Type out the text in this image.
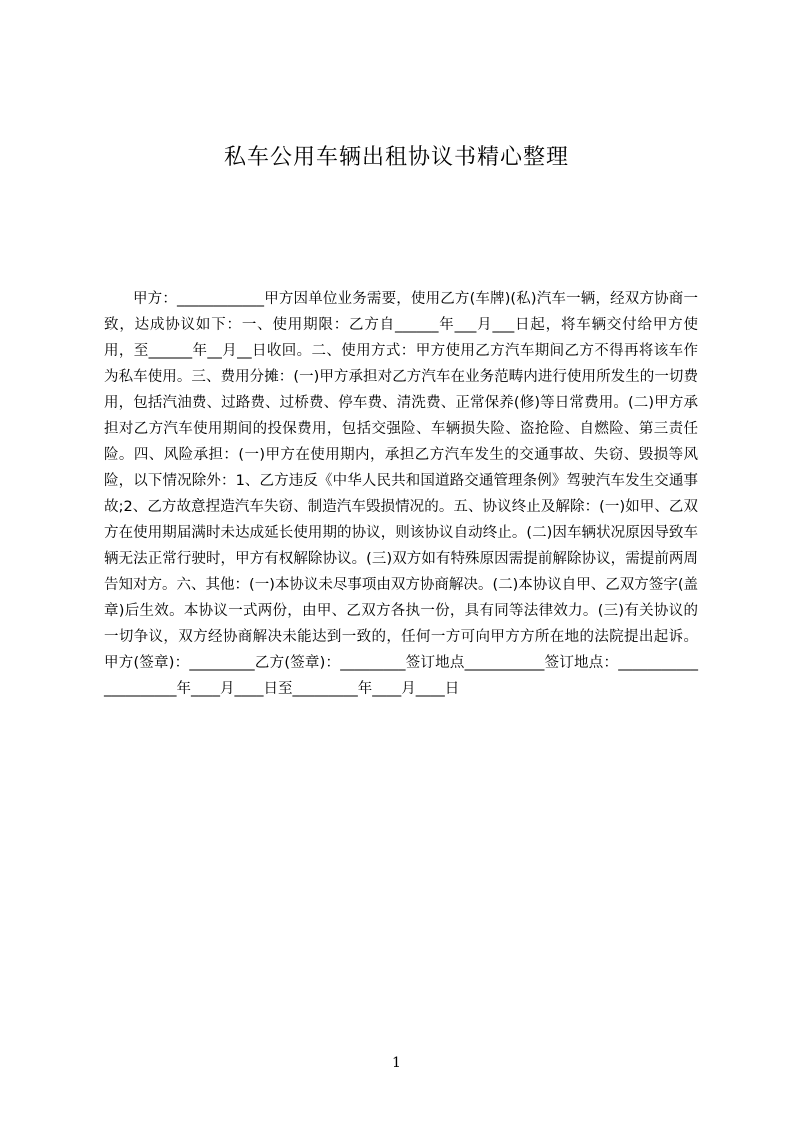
私车公用车辆出租协议书精心整理

甲方：____________甲方因单位业务需要，使用乙方(车牌)(私)汽车一辆，经双方协商一致，达成协议如下：一、使用期限：乙方自______年___月___日起，将车辆交付给甲方使用，至______年__月__日收回。二、使用方式：甲方使用乙方汽车期间乙方不得再将该车作为私车使用。三、费用分摊：(一)甲方承担对乙方汽车在业务范畴内进行使用所发生的一切费用，包括汽油费、过路费、过桥费、停车费、清洗费、正常保养(修)等日常费用。(二)甲方承担对乙方汽车使用期间的投保费用，包括交强险、车辆损失险、盗抢险、自燃险、第三责任险。四、风险承担：(一)甲方在使用期内，承担乙方汽车发生的交通事故、失窃、毁损等风险，以下情况除外：1、乙方违反《中华人民共和国道路交通管理条例》驾驶汽车发生交通事故;2、乙方故意捏造汽车失窃、制造汽车毁损情况的。五、协议终止及解除：(一)如甲、乙双方在使用期届满时未达成延长使用期的协议，则该协议自动终止。(二)因车辆状况原因导致车辆无法正常行驶时，甲方有权解除协议。(三)双方如有特殊原因需提前解除协议，需提前两周告知对方。六、其他：(一)本协议未尽事项由双方协商解决。(二)本协议自甲、乙双方签字(盖章)后生效。本协议一式两份，由甲、乙双方各执一份，具有同等法律效力。(三)有关协议的一切争议，双方经协商解决未能达到一致的，任何一方可向甲方方所在地的法院提出起诉。甲方(签章)：_________乙方(签章)：_________签订地点___________签订地点：_____________________年____月____日至_________年____月____日

1
